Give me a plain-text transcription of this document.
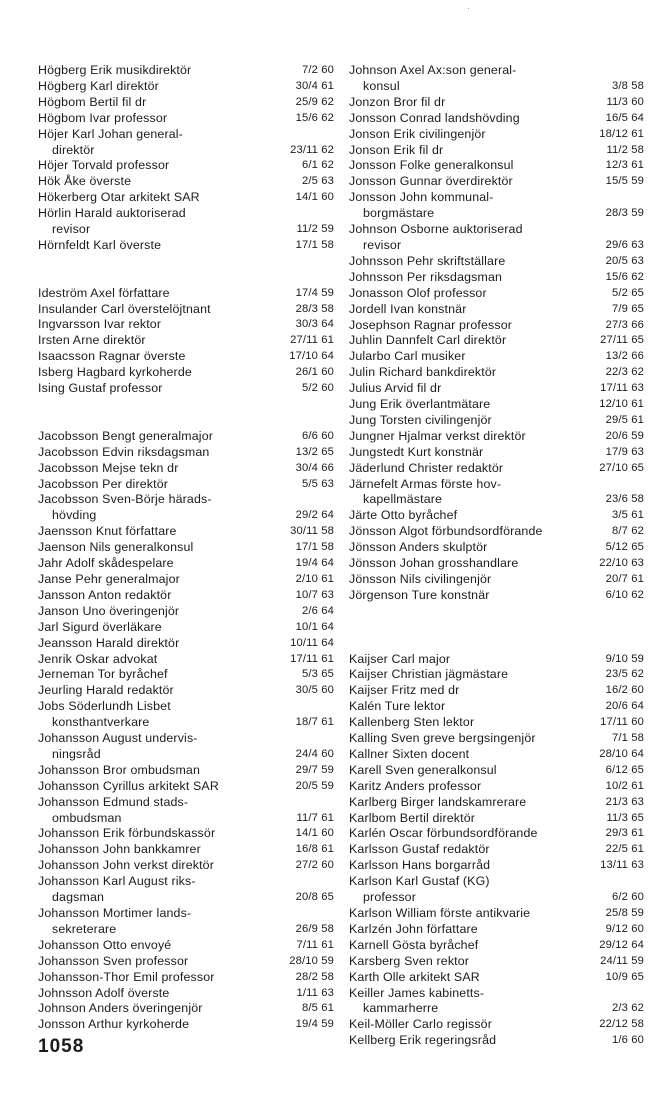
Högberg Erik musikdirektör	7/2 60
Högberg Karl direktör	30/4 61
Högbom Bertil fil dr	25/9 62
Högbom Ivar professor	15/6 62
Höjer Karl Johan general-
direktör	23/11 62
Höjer Torvald professor	6/1 62
Hök Åke överste	2/5 63
Hökerberg Otar arkitekt SAR	14/1 60
Hörlin Harald auktoriserad
revisor	11/2 59
Hörnfeldt Karl överste	17/1 58
Ideström Axel författare	17/4 59
Insulander Carl överstelöjtnant	28/3 58
Ingvarsson Ivar rektor	30/3 64
Irsten Arne direktör	27/11 61
Isaacsson Ragnar överste	17/10 64
Isberg Hagbard kyrkoherde	26/1 60
Ising Gustaf professor	5/2 60
Jacobsson Bengt generalmajor	6/6 60
Jacobsson Edvin riksdagsman	13/2 65
Jacobsson Mejse tekn dr	30/4 66
Jacobsson Per direktör	5/5 63
Jacobsson Sven-Börje härads-
hövding	29/2 64
Jaensson Knut författare	30/11 58
Jaenson Nils generalkonsul	17/1 58
Jahr Adolf skådespelare	19/4 64
Janse Pehr generalmajor	2/10 61
Jansson Anton redaktör	10/7 63
Janson Uno överingenjör	2/6 64
Jarl Sigurd överläkare	10/1 64
Jeansson Harald direktör	10/11 64
Jenrik Oskar advokat	17/11 61
Jerneman Tor byråchef	5/3 65
Jeurling Harald redaktör	30/5 60
Jobs Söderlundh Lisbet
konsthantverkare	18/7 61
Johansson August undervis-
ningsråd	24/4 60
Johansson Bror ombudsman	29/7 59
Johansson Cyrillus arkitekt SAR	20/5 59
Johansson Edmund stads-
ombudsman	11/7 61
Johansson Erik förbundskassör	14/1 60
Johansson John bankkamrer	16/8 61
Johansson John verkst direktör	27/2 60
Johansson Karl August riks-
dagsman	20/8 65
Johansson Mortimer lands-
sekreterare	26/9 58
Johansson Otto envoyé	7/11 61
Johansson Sven professor	28/10 59
Johansson-Thor Emil professor	28/2 58
Johnsson Adolf överste	1/11 63
Johnson Anders överingenjör	8/5 61
Jonsson Arthur kyrkoherde	19/4 59
Johnson Axel Ax:son general-
konsul	3/8 58
Jonzon Bror fil dr	11/3 60
Jonsson Conrad landshövding	16/5 64
Jonson Erik civilingenjör	18/12 61
Jonson Erik fil dr	11/2 58
Jonsson Folke generalkonsul	12/3 61
Jonsson Gunnar överdirektör	15/5 59
Jonsson John kommunal-
borgmästare	28/3 59
Johnson Osborne auktoriserad
revisor	29/6 63
Johnsson Pehr skriftställare	20/5 63
Johnsson Per riksdagsman	15/6 62
Jonasson Olof professor	5/2 65
Jordell Ivan konstnär	7/9 65
Josephson Ragnar professor	27/3 66
Juhlin Dannfelt Carl direktör	27/11 65
Jularbo Carl musiker	13/2 66
Julin Richard bankdirektör	22/3 62
Julius Arvid fil dr	17/11 63
Jung Erik överlantmätare	12/10 61
Jung Torsten civilingenjör	29/5 61
Jungner Hjalmar verkst direktör	20/6 59
Jungstedt Kurt konstnär	17/9 63
Jäderlund Christer redaktör	27/10 65
Järnefelt Armas förste hov-
kapellmästare	23/6 58
Järte Otto byråchef	3/5 61
Jönsson Algot förbundsordförande	8/7 62
Jönsson Anders skulptör	5/12 65
Jönsson Johan grosshandlare	22/10 63
Jönsson Nils civilingenjör	20/7 61
Jörgenson Ture konstnär	6/10 62
Kaijser Carl major	9/10 59
Kaijser Christian jägmästare	23/5 62
Kaijser Fritz med dr	16/2 60
Kalén Ture lektor	20/6 64
Kallenberg Sten lektor	17/11 60
Kalling Sven greve bergsingenjör	7/1 58
Kallner Sixten docent	28/10 64
Karell Sven generalkonsul	6/12 65
Karitz Anders professor	10/2 61
Karlberg Birger landskamrerare	21/3 63
Karlbom Bertil direktör	11/3 65
Karlén Oscar förbundsordförande	29/3 61
Karlsson Gustaf redaktör	22/5 61
Karlsson Hans borgarråd	13/11 63
Karlson Karl Gustaf (KG)
professor	6/2 60
Karlson William förste antikvarie	25/8 59
Karlzén John författare	9/12 60
Karnell Gösta byråchef	29/12 64
Karsberg Sven rektor	24/11 59
Karth Olle arkitekt SAR	10/9 65
Keiller James kabinetts-
kammarherre	2/3 62
Keil-Möller Carlo regissör	22/12 58
Kellberg Erik regeringsråd	1/6 60
1058
